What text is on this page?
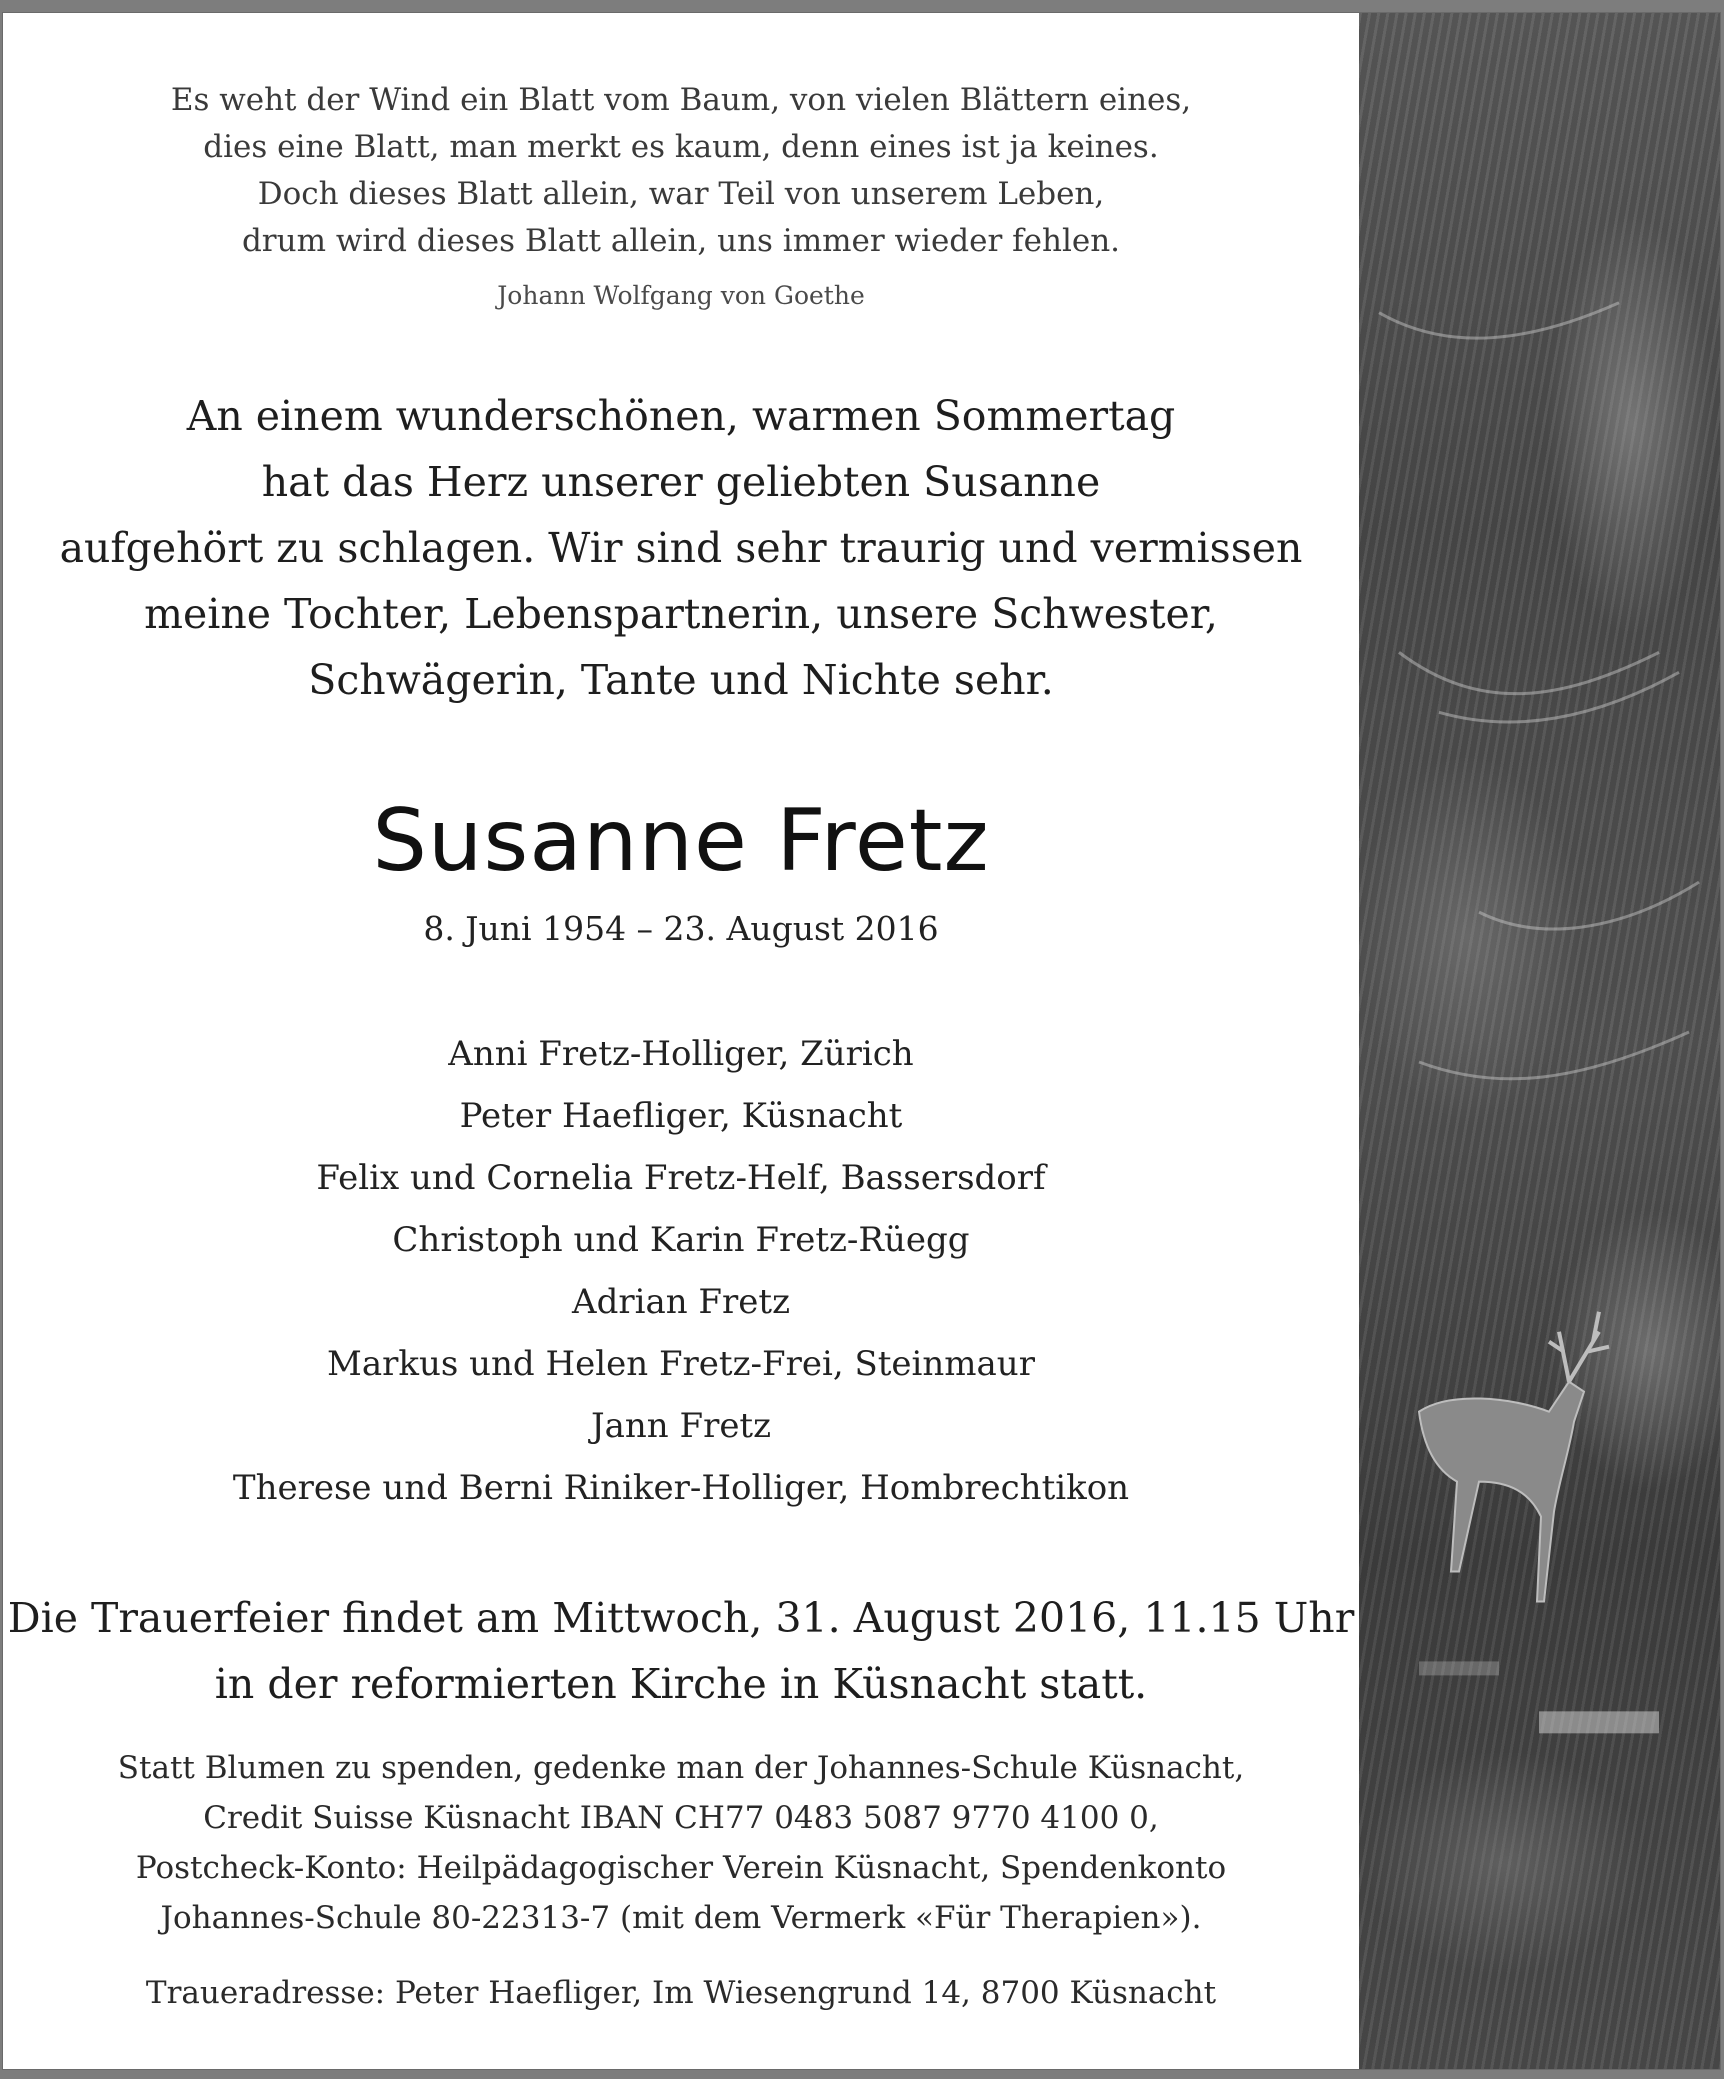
Es weht der Wind ein Blatt vom Baum, von vielen Blättern eines,
dies eine Blatt, man merkt es kaum, denn eines ist ja keines.
Doch dieses Blatt allein, war Teil von unserem Leben,
drum wird dieses Blatt allein, uns immer wieder fehlen.
Johann Wolfgang von Goethe
An einem wunderschönen, warmen Sommertag
hat das Herz unserer geliebten Susanne
aufgehört zu schlagen. Wir sind sehr traurig und vermissen
meine Tochter, Lebenspartnerin, unsere Schwester,
Schwägerin, Tante und Nichte sehr.
Susanne Fretz
8. Juni 1954 – 23. August 2016
Anni Fretz-Holliger, Zürich
Peter Haefliger, Küsnacht
Felix und Cornelia Fretz-Helf, Bassersdorf
Christoph und Karin Fretz-Rüegg
Adrian Fretz
Markus und Helen Fretz-Frei, Steinmaur
Jann Fretz
Therese und Berni Riniker-Holliger, Hombrechtikon
Die Trauerfeier findet am Mittwoch, 31. August 2016, 11.15 Uhr
in der reformierten Kirche in Küsnacht statt.
Statt Blumen zu spenden, gedenke man der Johannes-Schule Küsnacht,
Credit Suisse Küsnacht IBAN CH77 0483 5087 9770 4100 0,
Postcheck-Konto: Heilpädagogischer Verein Küsnacht, Spendenkonto
Johannes-Schule 80-22313-7 (mit dem Vermerk «Für Therapien»).
Traueradresse: Peter Haefliger, Im Wiesengrund 14, 8700 Küsnacht
